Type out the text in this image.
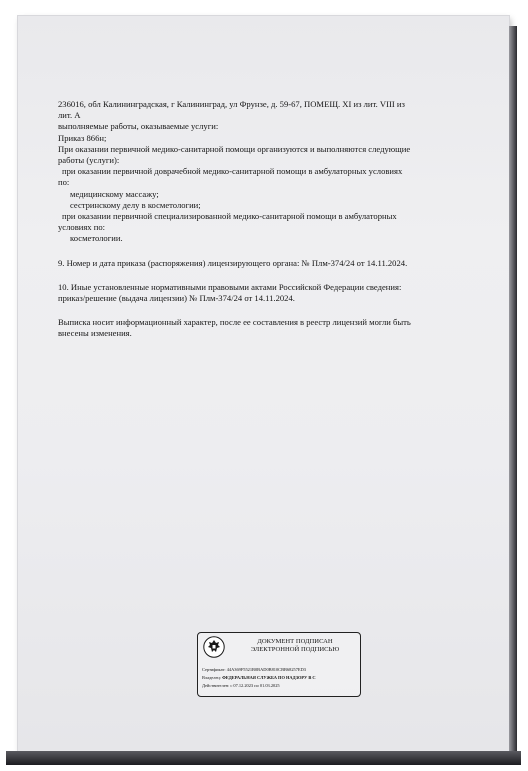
236016, обл Калининградская, г Калининград, ул Фрунзе, д. 59-67, ПОМЕЩ. XI из лит. VIII из

лит. А

выполняемые работы, оказываемые услуги:

Приказ 866н;

При оказании первичной медико-санитарной помощи организуются и выполняются следующие

работы (услуги):

при оказании первичной доврачебной медико-санитарной помощи в амбулаторных условиях

по:

медицинскому массажу;

сестринскому делу в косметологии;

при оказании первичной специализированной медико-санитарной помощи в амбулаторных

условиях по:

косметологии.

9. Номер и дата приказа (распоряжения) лицензирующего органа: № Плм-374/24 от 14.11.2024.

10. Иные установленные нормативными правовыми актами Российской Федерации сведения:

приказ/решение (выдача лицензии) № Плм-374/24 от 14.11.2024.

Выписка носит информационный характер, после ее составления в реестр лицензий могли быть

внесены изменения.

ДОКУМЕНТ ПОДПИСАН
ЭЛЕКТРОННОЙ ПОДПИСЬЮ
Сертификат: 44A369F5521B0BAD0B810CBB68257ED3
Владелец: ФЕДЕРАЛЬНАЯ СЛУЖБА ПО НАДЗОРУ В С
Действителен: с 07.12.2023 по 01.03.2025
